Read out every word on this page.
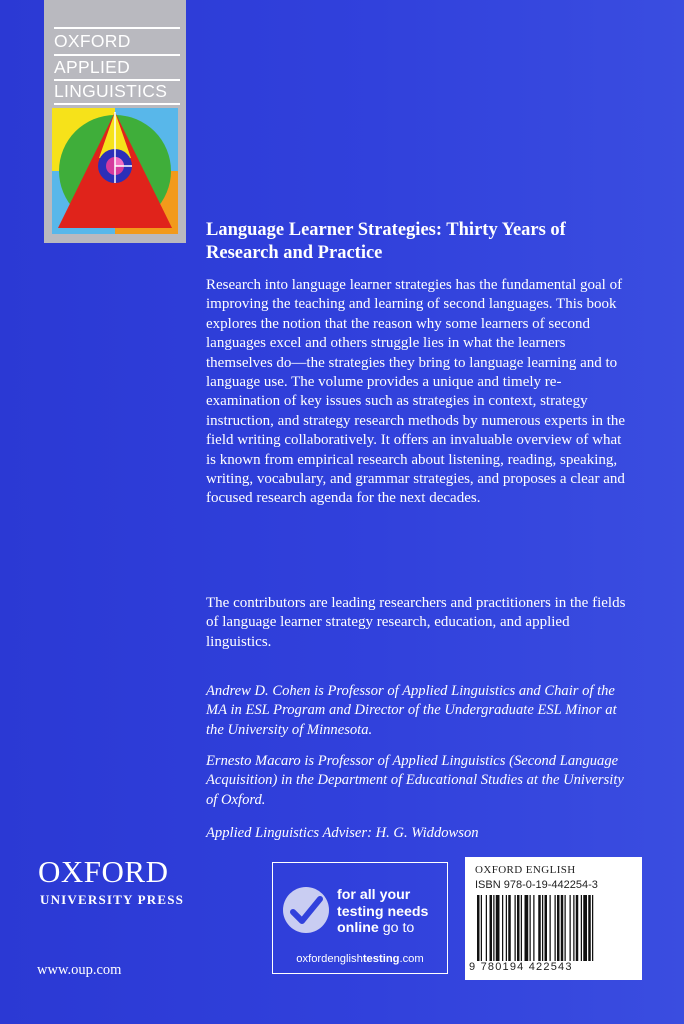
OXFORD
APPLIED
LINGUISTICS
Language Learner Strategies: Thirty Years of Research and Practice

Research into language learner strategies has the fundamental goal of improving the teaching and learning of second languages. This book explores the notion that the reason why some learners of second languages excel and others struggle lies in what the learners themselves do—the strategies they bring to language learning and to language use. The volume provides a unique and timely re-examination of key issues such as strategies in context, strategy instruction, and strategy research methods by numerous experts in the field writing collaboratively. It offers an invaluable overview of what is known from empirical research about listening, reading, speaking, writing, vocabulary, and grammar strategies, and proposes a clear and focused research agenda for the next decades.

The contributors are leading researchers and practitioners in the fields of language learner strategy research, education, and applied linguistics.

Andrew D. Cohen is Professor of Applied Linguistics and Chair of the MA in ESL Program and Director of the Undergraduate ESL Minor at the University of Minnesota.

Ernesto Macaro is Professor of Applied Linguistics (Second Language Acquisition) in the Department of Educational Studies at the University of Oxford.

Applied Linguistics Adviser: H. G. Widdowson

OXFORD
UNIVERSITY PRESS
www.oup.com
for all your
testing needs
online go to
oxfordenglishtesting.com
OXFORD ENGLISH
ISBN 978-0-19-442254-3
9 780194 422543
